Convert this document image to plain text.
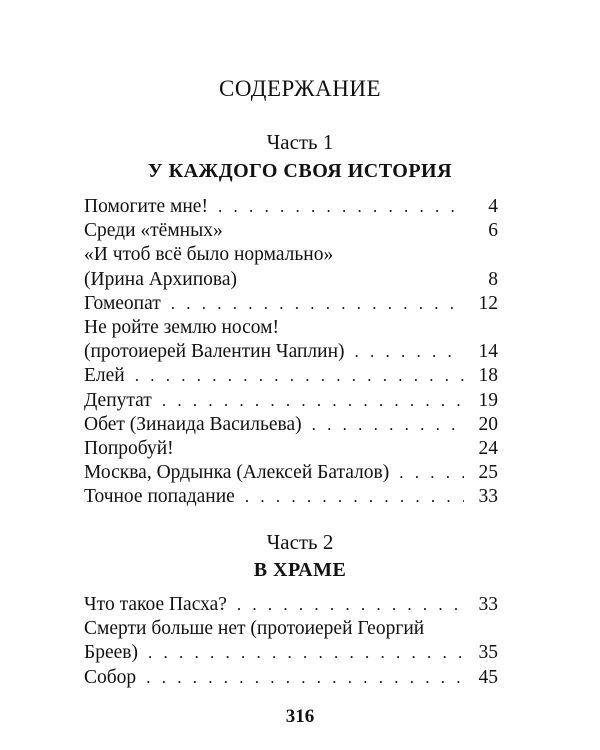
СОДЕРЖАНИЕ
Часть 1
У КАЖДОГО СВОЯ ИСТОРИЯ
Помогите мне! . . .	4
Среди «тёмных»	6
«И чтоб всё было нормально»
(Ирина Архипова)	8
Гомеопат . . .	12
Не ройте землю носом!
(протоиерей Валентин Чаплин) . . .	14
Елей . . .	18
Депутат . . .	19
Обет (Зинаида Васильева) . . .	20
Попробуй!	24
Москва, Ордынка (Алексей Баталов) . . .	25
Точное попадание . . .	33
Часть 2
В ХРАМЕ
Что такое Пасха? . . .	33
Смерти больше нет (протоиерей Георгий
Бреев) . . .	35
Собор . . .	45
316
